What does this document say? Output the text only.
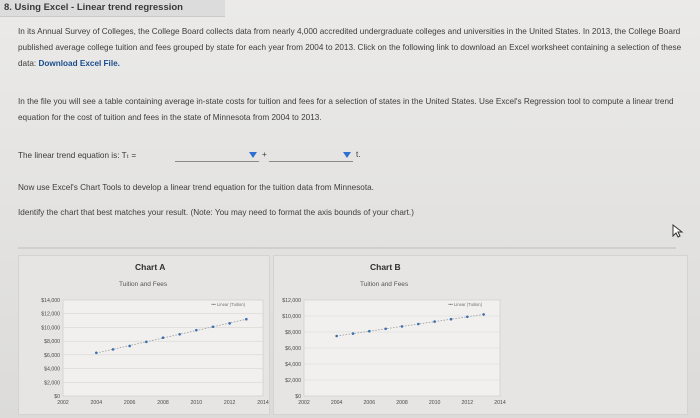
8. Using Excel - Linear trend regression
In its Annual Survey of Colleges, the College Board collects data from nearly 4,000 accredited undergraduate colleges and universities in the United States. In 2013, the College Board published average college tuition and fees grouped by state for each year from 2004 to 2013. Click on the following link to download an Excel worksheet containing a selection of these data: Download Excel File.
In the file you will see a table containing average in-state costs for tuition and fees for a selection of states in the United States. Use Excel's Regression tool to compute a linear trend equation for the cost of tuition and fees in the state of Minnesota from 2004 to 2013.
The linear trend equation is: Tₜ =	+	t.
Now use Excel's Chart Tools to develop a linear trend equation for the tuition data from Minnesota.
Identify the chart that best matches your result. (Note: You may need to format the axis bounds of your chart.)
Chart A
Tuition and Fees
$14,000
$12,000
$10,000
$8,000
$6,000
$4,000
$2,000
$0
2002	2004	2006	2008	2010	2012	2014
••• Linear (Tuition)
Chart B
Tuition and Fees
$12,000
$10,000
$8,000
$6,000
$4,000
$2,000
$0
2002	2004	2006	2008	2010	2012	2014
••• Linear (Tuition)
